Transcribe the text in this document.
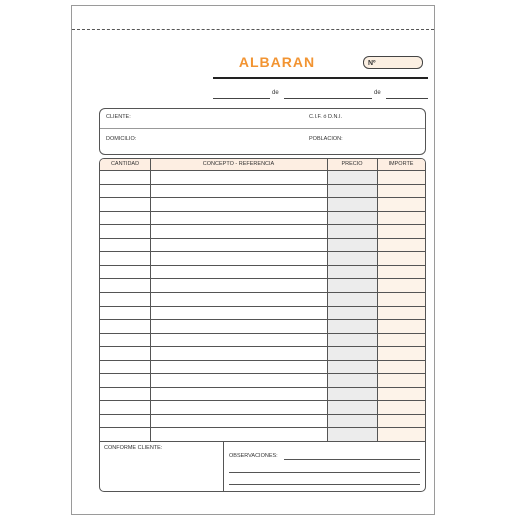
ALBARAN	Nº
de	de
CLIENTE:	C.I.F. ó D.N.I.
DOMICILIO:	POBLACION:
CANTIDAD	CONCEPTO - REFERENCIA	PRECIO	IMPORTE
CONFORME CLIENTE:
OBSERVACIONES:
